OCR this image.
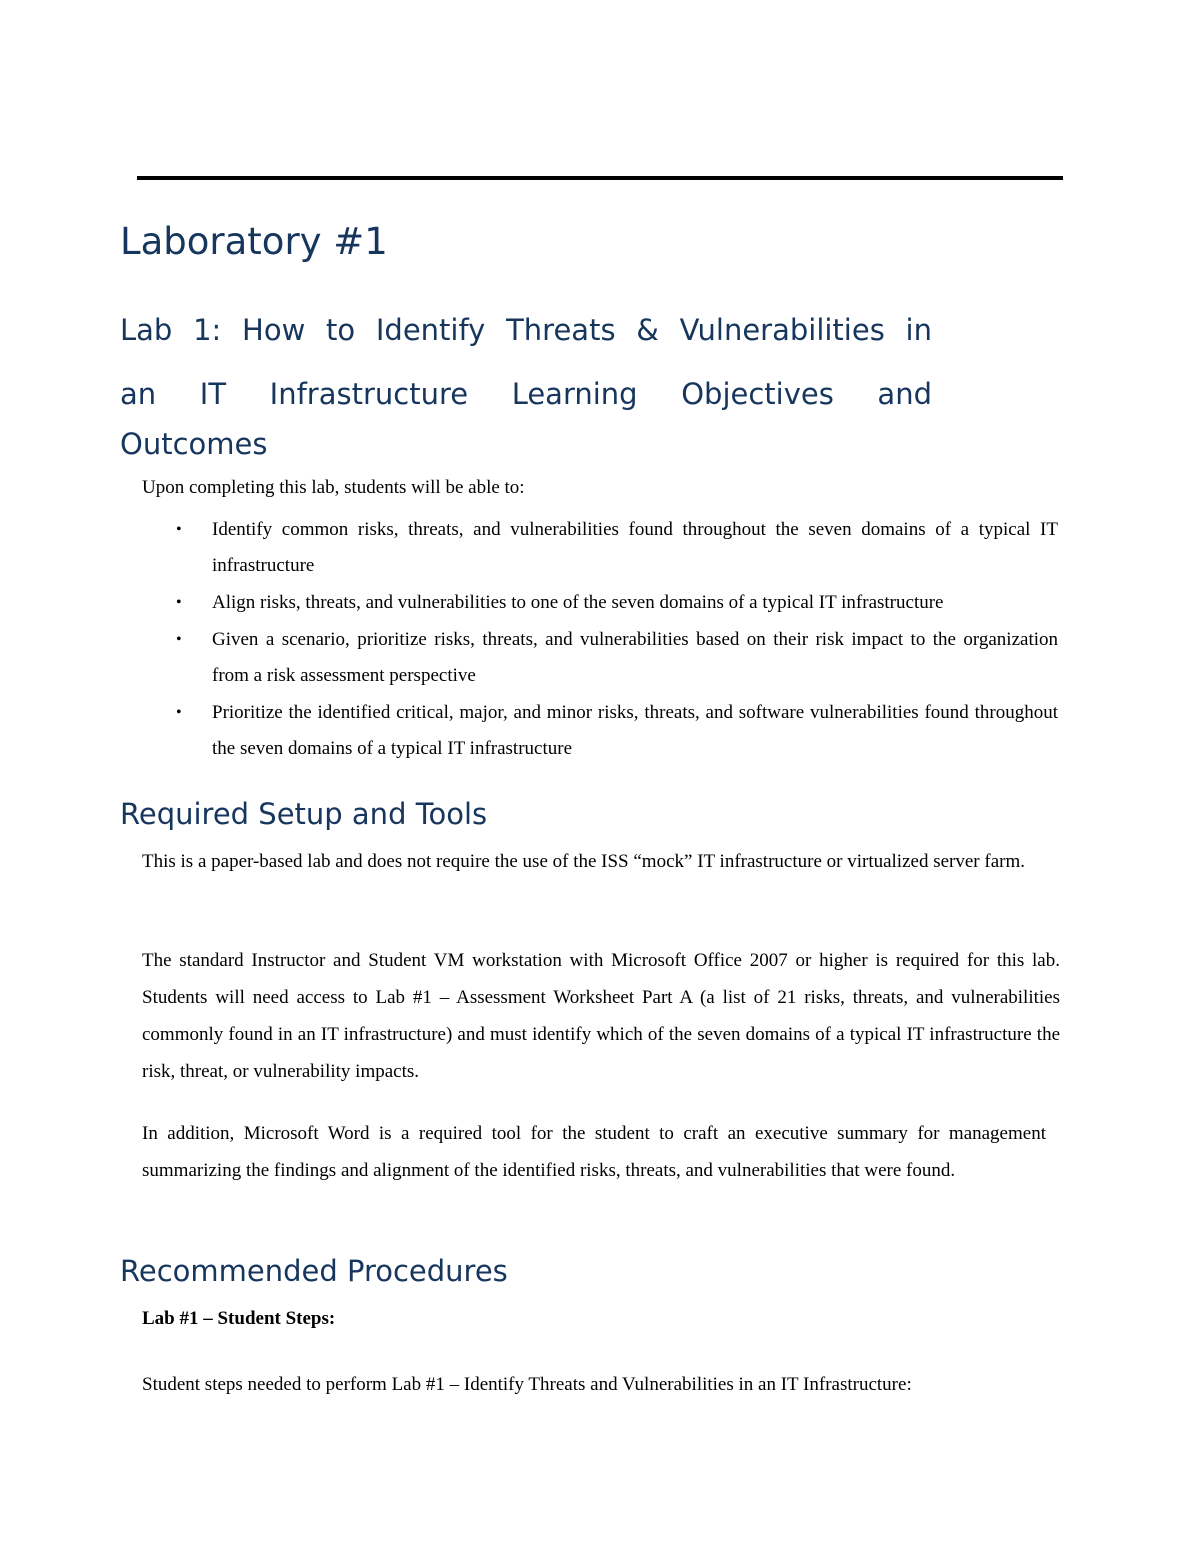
Laboratory #1
Lab 1: How to Identify Threats & Vulnerabilities in
an IT Infrastructure Learning Objectives and
Outcomes

Upon completing this lab, students will be able to:

•	Identify common risks, threats, and vulnerabilities found throughout the seven domains of a typical IT infrastructure
•	Align risks, threats, and vulnerabilities to one of the seven domains of a typical IT infrastructure
•	Given a scenario, prioritize risks, threats, and vulnerabilities based on their risk impact to the organization from a risk assessment perspective
•	Prioritize the identified critical, major, and minor risks, threats, and software vulnerabilities found throughout the seven domains of a typical IT infrastructure
Required Setup and Tools

This is a paper-based lab and does not require the use of the ISS “mock” IT infrastructure or virtualized server farm.

The standard Instructor and Student VM workstation with Microsoft Office 2007 or higher is required for this lab. Students will need access to Lab #1 – Assessment Worksheet Part A (a list of 21 risks, threats, and vulnerabilities commonly found in an IT infrastructure) and must identify which of the seven domains of a typical IT infrastructure the risk, threat, or vulnerability impacts.

In addition, Microsoft Word is a required tool for the student to craft an executive summary for management summarizing the findings and alignment of the identified risks, threats, and vulnerabilities that were found.

Recommended Procedures

Lab #1 – Student Steps:

Student steps needed to perform Lab #1 – Identify Threats and Vulnerabilities in an IT Infrastructure:
